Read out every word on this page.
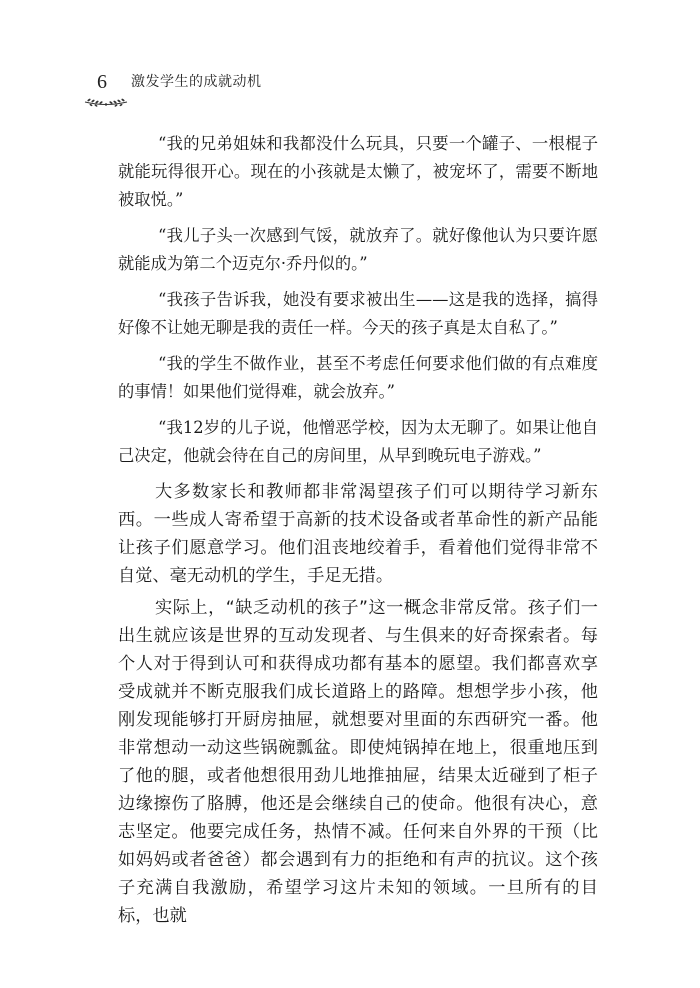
6 激发学生的成就动机

“我的兄弟姐妹和我都没什么玩具，只要一个罐子、一根棍子就能玩得很开心。现在的小孩就是太懒了，被宠坏了，需要不断地被取悦。”

“我儿子头一次感到气馁，就放弃了。就好像他认为只要许愿就能成为第二个迈克尔·乔丹似的。”

“我孩子告诉我，她没有要求被出生——这是我的选择，搞得好像不让她无聊是我的责任一样。今天的孩子真是太自私了。”

“我的学生不做作业，甚至不考虑任何要求他们做的有点难度的事情！如果他们觉得难，就会放弃。”

“我12岁的儿子说，他憎恶学校，因为太无聊了。如果让他自己决定，他就会待在自己的房间里，从早到晚玩电子游戏。”

大多数家长和教师都非常渴望孩子们可以期待学习新东西。一些成人寄希望于高新的技术设备或者革命性的新产品能让孩子们愿意学习。他们沮丧地绞着手，看着他们觉得非常不自觉、毫无动机的学生，手足无措。

实际上，“缺乏动机的孩子”这一概念非常反常。孩子们一出生就应该是世界的互动发现者、与生俱来的好奇探索者。每个人对于得到认可和获得成功都有基本的愿望。我们都喜欢享受成就并不断克服我们成长道路上的路障。想想学步小孩，他刚发现能够打开厨房抽屉，就想要对里面的东西研究一番。他非常想动一动这些锅碗瓢盆。即使炖锅掉在地上，很重地压到了他的腿，或者他想很用劲儿地推抽屉，结果太近碰到了柜子边缘擦伤了胳膊，他还是会继续自己的使命。他很有决心，意志坚定。他要完成任务，热情不减。任何来自外界的干预（比如妈妈或者爸爸）都会遇到有力的拒绝和有声的抗议。这个孩子充满自我激励，希望学习这片未知的领域。一旦所有的目标，也就
